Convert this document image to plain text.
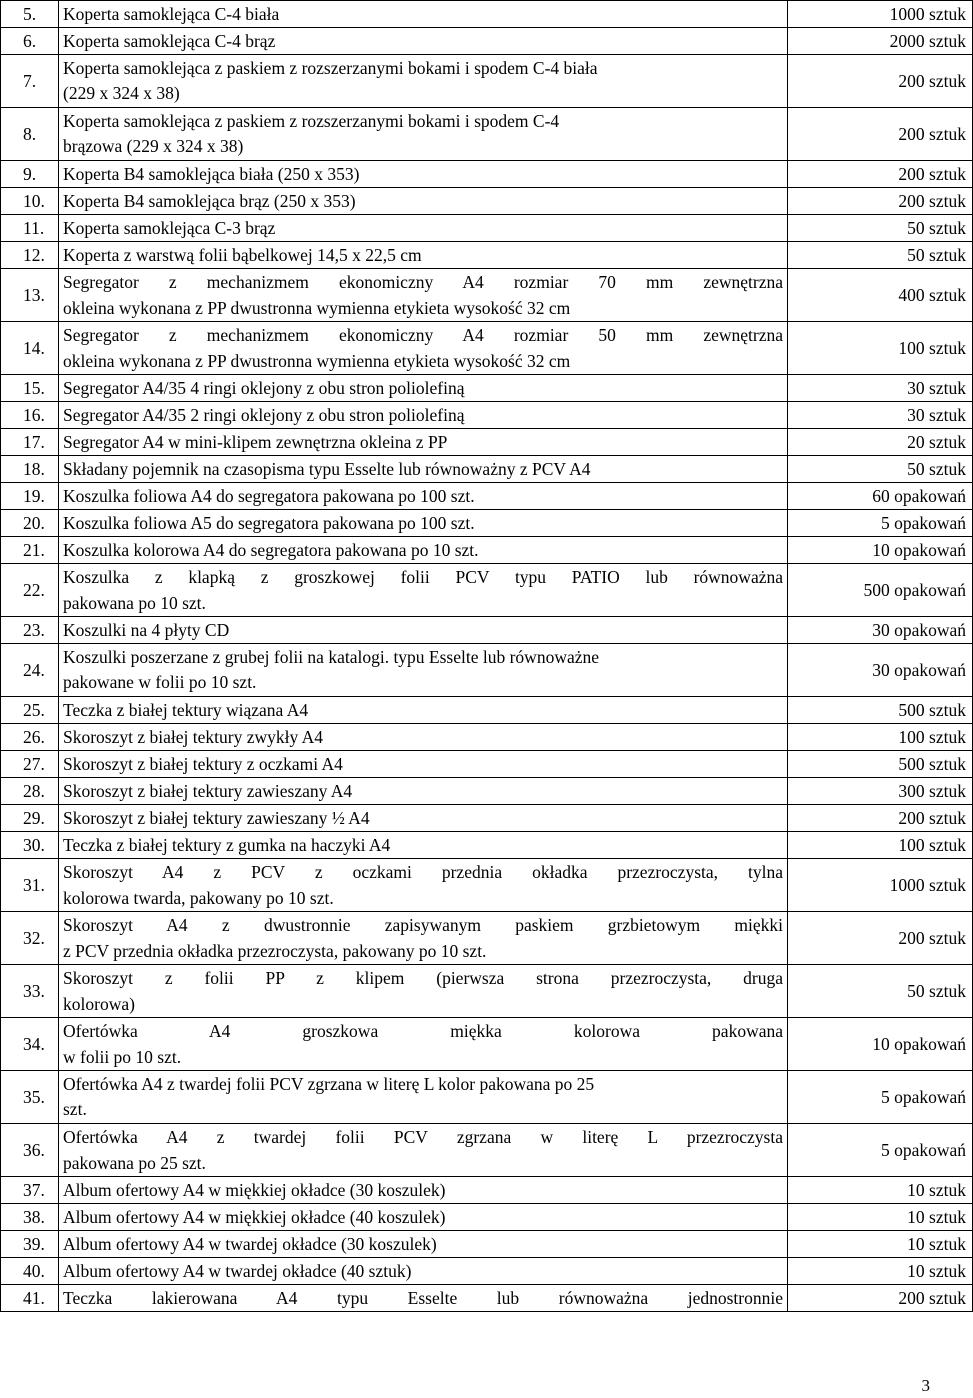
5.	Koperta samoklejąca C-4 biała	1000 sztuk
6.	Koperta samoklejąca C-4 brąz	2000 sztuk
7.	Koperta samoklejąca z paskiem z rozszerzanymi bokami i spodem C-4 biała
(229 x 324 x 38)	200 sztuk
8.	Koperta samoklejąca z paskiem z rozszerzanymi bokami i spodem C-4
brązowa (229 x 324 x 38)	200 sztuk
9.	Koperta B4 samoklejąca biała (250 x 353)	200 sztuk
10.	Koperta B4 samoklejąca brąz (250 x 353)	200 sztuk
11.	Koperta samoklejąca C-3 brąz	50 sztuk
12.	Koperta z warstwą folii bąbelkowej 14,5 x 22,5 cm	50 sztuk
13.	Segregator z mechanizmem ekonomiczny A4 rozmiar 70 mm zewnętrzna
okleina wykonana z PP dwustronna wymienna etykieta wysokość 32 cm	400 sztuk
14.	Segregator z mechanizmem ekonomiczny A4 rozmiar 50 mm zewnętrzna
okleina wykonana z PP dwustronna wymienna etykieta wysokość 32 cm	100 sztuk
15.	Segregator A4/35 4 ringi oklejony z obu stron poliolefiną	30 sztuk
16.	Segregator A4/35 2 ringi oklejony z obu stron poliolefiną	30 sztuk
17.	Segregator A4 w mini-klipem zewnętrzna okleina z PP	20 sztuk
18.	Składany pojemnik na czasopisma typu Esselte lub równoważny z PCV A4	50 sztuk
19.	Koszulka foliowa A4 do segregatora pakowana po 100 szt.	60 opakowań
20.	Koszulka foliowa A5 do segregatora pakowana po 100 szt.	5 opakowań
21.	Koszulka kolorowa A4 do segregatora pakowana po 10 szt.	10 opakowań
22.	Koszulka z klapką z groszkowej folii PCV typu PATIO lub równoważna
pakowana po 10 szt.	500 opakowań
23.	Koszulki na 4 płyty CD	30 opakowań
24.	Koszulki poszerzane z grubej folii na katalogi. typu Esselte lub równoważne
pakowane w folii po 10 szt.	30 opakowań
25.	Teczka z białej tektury wiązana A4	500 sztuk
26.	Skoroszyt z białej tektury zwykły A4	100 sztuk
27.	Skoroszyt z białej tektury z oczkami A4	500 sztuk
28.	Skoroszyt z białej tektury zawieszany A4	300 sztuk
29.	Skoroszyt z białej tektury zawieszany ½ A4	200 sztuk
30.	Teczka z białej tektury z gumka na haczyki A4	100 sztuk
31.	Skoroszyt A4 z PCV z oczkami przednia okładka przezroczysta, tylna
kolorowa twarda, pakowany po 10 szt.	1000 sztuk
32.	Skoroszyt A4 z dwustronnie zapisywanym paskiem grzbietowym miękki
z PCV przednia okładka przezroczysta, pakowany po 10 szt.	200 sztuk
33.	Skoroszyt z folii PP z klipem (pierwsza strona przezroczysta, druga
kolorowa)	50 sztuk
34.	Ofertówka A4 groszkowa miękka kolorowa pakowana
w folii po 10 szt.	10 opakowań
35.	Ofertówka A4 z twardej folii PCV zgrzana w literę L kolor pakowana po 25
szt.	5 opakowań
36.	Ofertówka A4 z twardej folii PCV zgrzana w literę L przezroczysta
pakowana po 25 szt.	5 opakowań
37.	Album ofertowy A4 w miękkiej okładce (30 koszulek)	10 sztuk
38.	Album ofertowy A4 w miękkiej okładce (40 koszulek)	10 sztuk
39.	Album ofertowy A4 w twardej okładce (30 koszulek)	10 sztuk
40.	Album ofertowy A4 w twardej okładce (40 sztuk)	10 sztuk
41.	Teczka lakierowana A4 typu Esselte lub równoważna jednostronnie	200 sztuk
3
